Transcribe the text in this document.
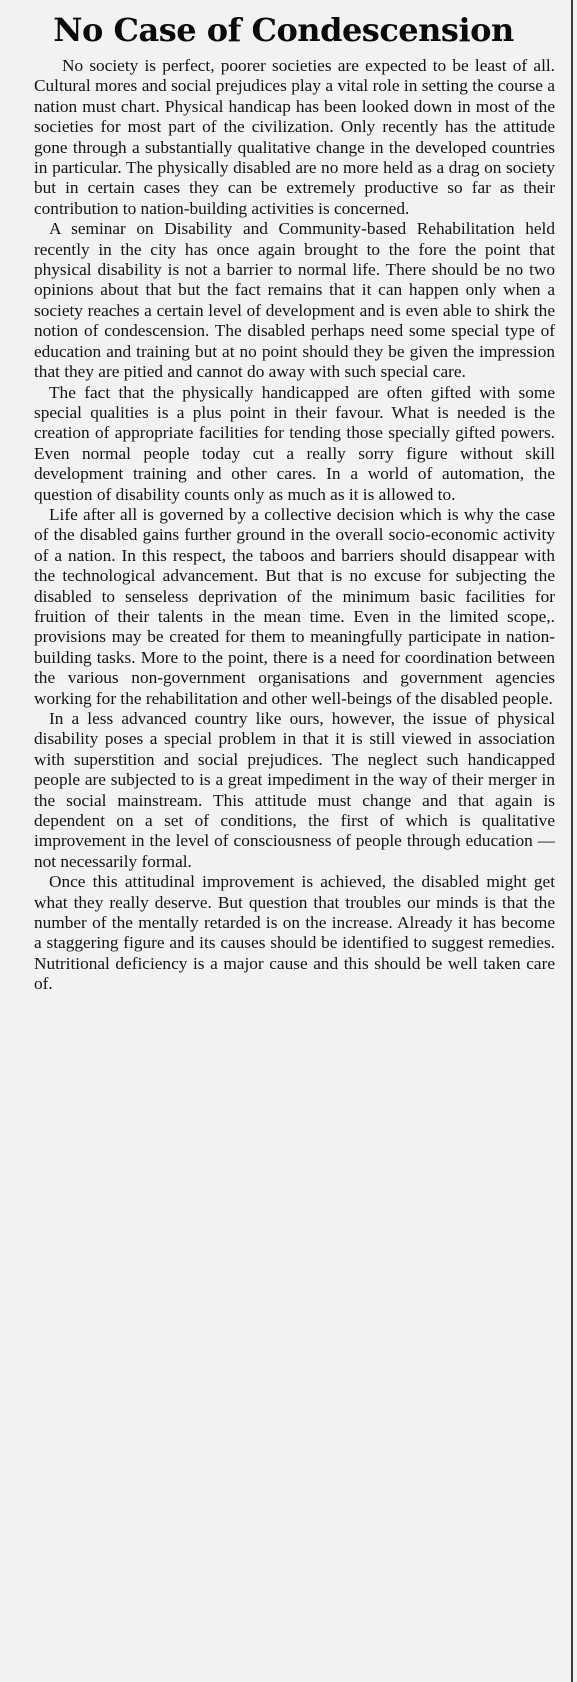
No Case of Condescension

No society is perfect, poorer societies are expected to be least of all. Cultural mores and social prejudices play a vital role in setting the course a nation must chart. Physical handicap has been looked down in most of the societies for most part of the civilization. Only recently has the attitude gone through a substantially qualitative change in the developed countries in particular. The physically disabled are no more held as a drag on society but in certain cases they can be extremely productive so far as their contribution to nation-building activities is concerned.

A seminar on Disability and Community-based Rehabilitation held recently in the city has once again brought to the fore the point that physical disability is not a barrier to normal life. There should be no two opinions about that but the fact remains that it can happen only when a society reaches a certain level of development and is even able to shirk the notion of condescension. The disabled perhaps need some special type of education and training but at no point should they be given the impression that they are pitied and cannot do away with such special care.

The fact that the physically handicapped are often gifted with some special qualities is a plus point in their favour. What is needed is the creation of appropriate facilities for tending those specially gifted powers. Even normal people today cut a really sorry figure without skill development training and other cares. In a world of automation, the question of disability counts only as much as it is allowed to.

Life after all is governed by a collective decision which is why the case of the disabled gains further ground in the overall socio-economic activity of a nation. In this respect, the taboos and barriers should disappear with the technological advancement. But that is no excuse for subjecting the disabled to senseless deprivation of the minimum basic facilities for fruition of their talents in the mean time. Even in the limited scope,. provisions may be created for them to meaningfully participate in nation-building tasks. More to the point, there is a need for coordination between the various non-government organisations and government agencies working for the rehabilitation and other well-beings of the disabled people.

In a less advanced country like ours, however, the issue of physical disability poses a special problem in that it is still viewed in association with superstition and social prejudices. The neglect such handicapped people are subjected to is a great impediment in the way of their merger in the social mainstream. This attitude must change and that again is dependent on a set of conditions, the first of which is qualitative improvement in the level of consciousness of people through education —not necessarily formal.

Once this attitudinal improvement is achieved, the disabled might get what they really deserve. But question that troubles our minds is that the number of the mentally retarded is on the increase. Already it has become a staggering figure and its causes should be identified to suggest remedies. Nutritional deficiency is a major cause and this should be well taken care of.
